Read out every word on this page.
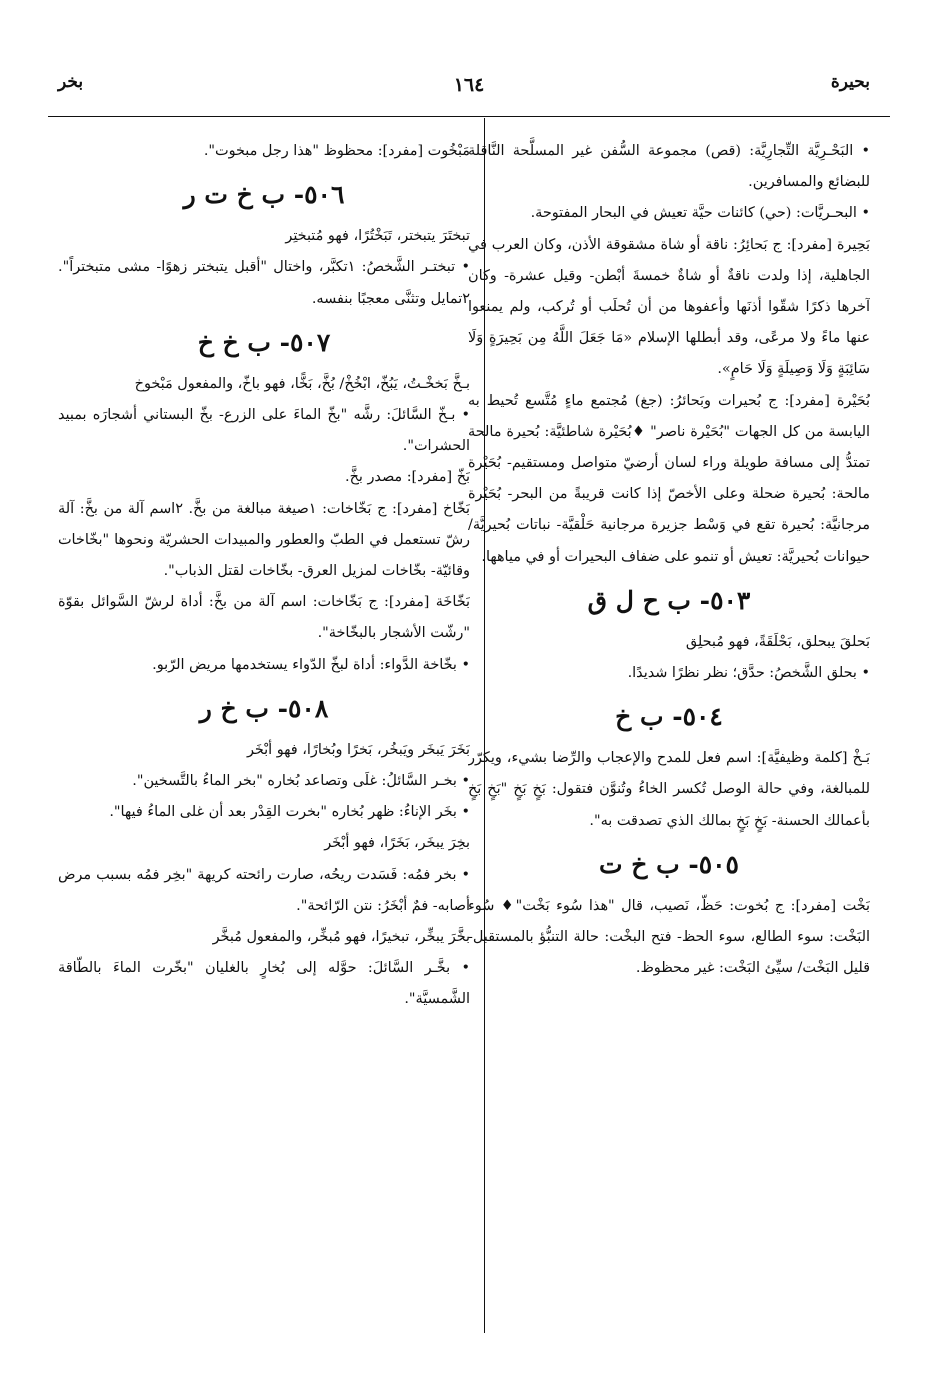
بحيرة
١٦٤
بخر

• البَحْـرِيَّة التِّجارِيَّة: (قص) مجموعة السُّفن غير المسلَّحة النَّاقلة للبضائع والمسافرين.

• البحـريَّات: (حي) كائنات حيَّة تعيش في البحار المفتوحة.

بَحِيرة [مفرد]: ج بَحائِرُ: ناقة أو شاة مشقوقة الأذن، وكان العرب في الجاهلية، إذا ولدت ناقةٌ أو شاةٌ خمسةَ أبْطن- وقيل عشرة- وكان آخرها ذكرًا شقّوا أذنَها وأعفوها من أن تُحلَب أو تُركب، ولم يمنعوا عنها ماءً ولا مرعًى، وقد أبطلها الإسلام «مَا جَعَلَ اللَّهُ مِن بَحِيرَةٍ وَلَا سَائِبَةٍ وَلَا وَصِيلَةٍ وَلَا حَامٍ».

بُحَيْرة [مفرد]: ج بُحيرات وبَحائرُ: (جغ) مُجتمع ماءٍ مُتَّسع تُحيط به اليابسة من كل الجهات "بُحَيْرة ناصر" ♦بُحَيْرة شاطئيَّة: بُحيرة مالحة تمتدُّ إلى مسافة طويلة وراء لسان أرضيّ متواصل ومستقيم- بُحَيْرة مالحة: بُحيرة ضحلة وعلى الأخصّ إذا كانت قريبةً من البحر- بُحَيْرة مرجانيَّة: بُحيرة تقع في وَسْط جزيرة مرجانية حَلْقيَّة- نباتات بُحيريَّة/ حيوانات بُحيريَّة: تعيش أو تنمو على ضفاف البحيرات أو في مياهها.

٥٠٣- ب ح ل ق

بَحلقَ يبحلق، بَحْلَقَةً، فهو مُبحلِق

• بحلق الشَّخصُ: حدَّق؛ نظر نظرًا شديدًا.

٥٠٤- ب خ

بَـخْ [كلمة وظيفيَّة]: اسم فعل للمدح والإعجاب والرِّضا بشيء، ويكرّر للمبالغة، وفي حالة الوصل تُكسر الخاءُ وتُنوَّن فتقول: بَخٍ بَخٍ "بَخٍ بَخٍ بأعمالك الحسنة- بَخٍ بَخٍ بمالك الذي تصدقت به".

٥٠٥- ب خ ت

بَخْت [مفرد]: ج بُخوت: حَظّ، نَصيب، قال "هذا سُوء بَخْت"♦ سُوء البَخْت: سوء الطالع، سوء الحظ- فتح البخْت: حالة التنبُّؤ بالمستقبل- قليل البَخْت/ سيِّئ البَخْت: غير محظوظ.

مَبْخُوت [مفرد]: محظوظ "هذا رجل مبخوت".

٥٠٦- ب خ ت ر

تبختَرَ يتبختر، تَبَخْتُرًا، فهو مُتبختِر

• تبختـر الشَّخصُ: ١تكبَّر، واختال "أقبل يتبختر زهوًا- مشى متبختراً". ٢تمايل وتثنَّى معجبًا بنفسه.

٥٠٧- ب خ خ

بـخَّ بَخخْـتُ، يَبُخّ، ابْخُخْ/ بُخَّ، بَخًّا، فهو باخّ، والمفعول مَبْخوخ

• بـخّ السَّائلَ: رشَّه "بخّ الماءَ على الزرع- بخّ البستاني أشجارَه بمبيد الحشرات".

بَخّ [مفرد]: مصدر بخَّ.

بَخّاخ [مفرد]: ج بَخّاخات: ١صيغة مبالغة من بخَّ. ٢اسم آلة من بخَّ: آلة رشّ تستعمل في الطبّ والعطور والمبيدات الحشريّة ونحوها "بخّاخات وقائيّة- بخّاخات لمزيل العرق- بخّاخات لقتل الذباب".

بَخّاخَة [مفرد]: ج بَخّاخات: اسم آلة من بخَّ: أداة لرشّ السَّوائل بقوّة "رشّت الأشجار بالبخّاخة".

• بخّاخة الدَّواء: أداة لبخّ الدّواء يستخدمها مريض الرّبو.

٥٠٨- ب خ ر

بَخَرَ يَبخَر ويَبخُر، بَخرًا وبُخارًا، فهو أبْخَر

• بخـر السَّائلُ: غلَى وتصاعد بُخاره "بخر الماءُ بالتَّسخين".

• بخَر الإناءُ: ظهر بُخاره "بخرت القِدْر بعد أن غلى الماءُ فيها".

بخِرَ يبخَر، بَخَرًا، فهو أبْخَر

• بخر فمُه: فَسَدت ريحُه، صارت رائحته كريهة "بخِر فمُه بسبب مرض أصابه- فمٌ أبْخَرُ: نتن الرّائحة".

بخَّرَ يبخِّر، تبخيرًا، فهو مُبخِّر، والمفعول مُبخَّر

• بخَّـر السَّائلَ: حوَّله إلى بُخارٍ بالغليان "بخّرت الماءَ بالطّاقة الشَّمسيَّة".
